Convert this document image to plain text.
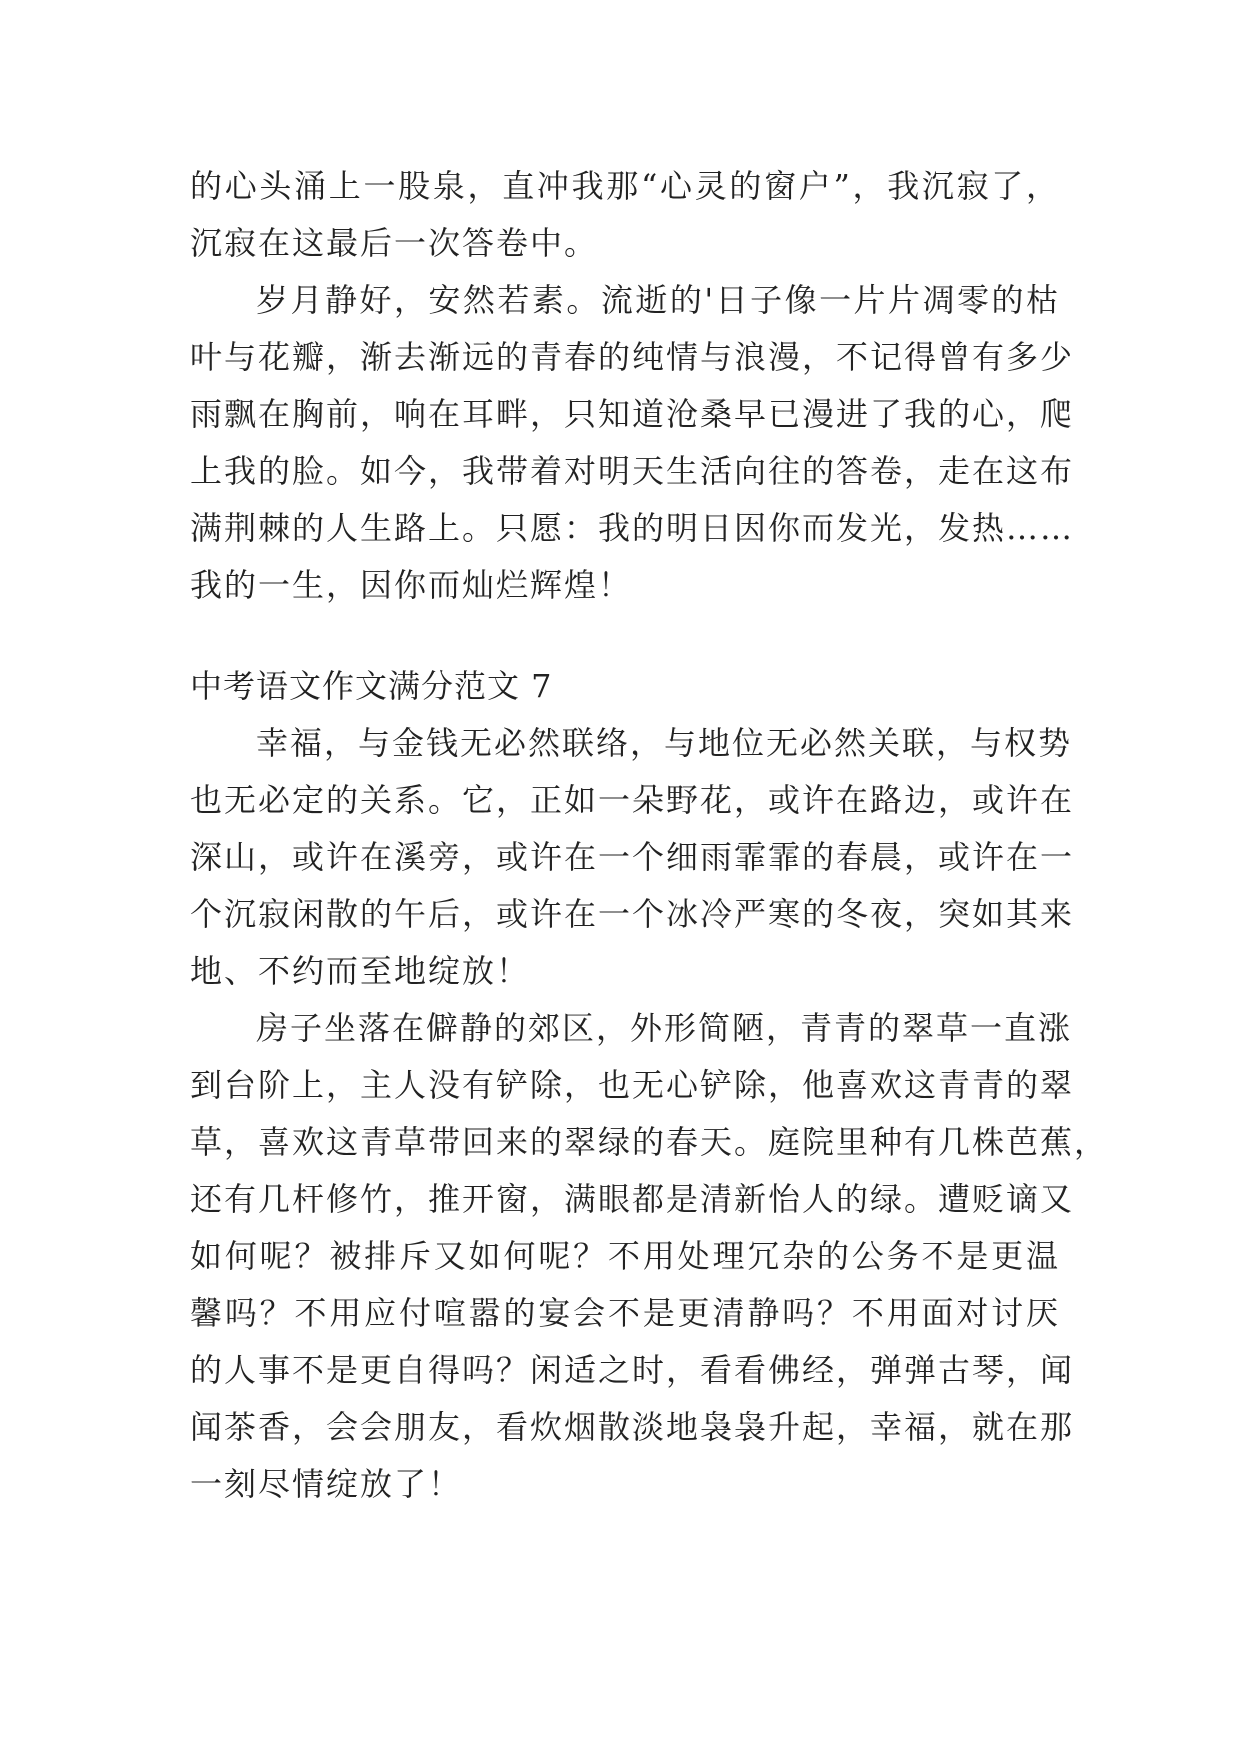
的心头涌上一股泉，直冲我那“心灵的窗户”，我沉寂了，
沉寂在这最后一次答卷中。
岁月静好，安然若素。流逝的'日子像一片片凋零的枯
叶与花瓣，渐去渐远的青春的纯情与浪漫，不记得曾有多少
雨飘在胸前，响在耳畔，只知道沧桑早已漫进了我的心，爬
上我的脸。如今，我带着对明天生活向往的答卷，走在这布
满荆棘的人生路上。只愿：我的明日因你而发光，发热……
我的一生，因你而灿烂辉煌！
中考语文作文满分范文 7
幸福，与金钱无必然联络，与地位无必然关联，与权势
也无必定的关系。它，正如一朵野花，或许在路边，或许在
深山，或许在溪旁，或许在一个细雨霏霏的春晨，或许在一
个沉寂闲散的午后，或许在一个冰冷严寒的冬夜，突如其来
地、不约而至地绽放！
房子坐落在僻静的郊区，外形简陋，青青的翠草一直涨
到台阶上，主人没有铲除，也无心铲除，他喜欢这青青的翠
草，喜欢这青草带回来的翠绿的春天。庭院里种有几株芭蕉，
还有几杆修竹，推开窗，满眼都是清新怡人的绿。遭贬谪又
如何呢？被排斥又如何呢？不用处理冗杂的公务不是更温
馨吗？不用应付喧嚣的宴会不是更清静吗？不用面对讨厌
的人事不是更自得吗？闲适之时，看看佛经，弹弹古琴，闻
闻茶香，会会朋友，看炊烟散淡地袅袅升起，幸福，就在那
一刻尽情绽放了！
